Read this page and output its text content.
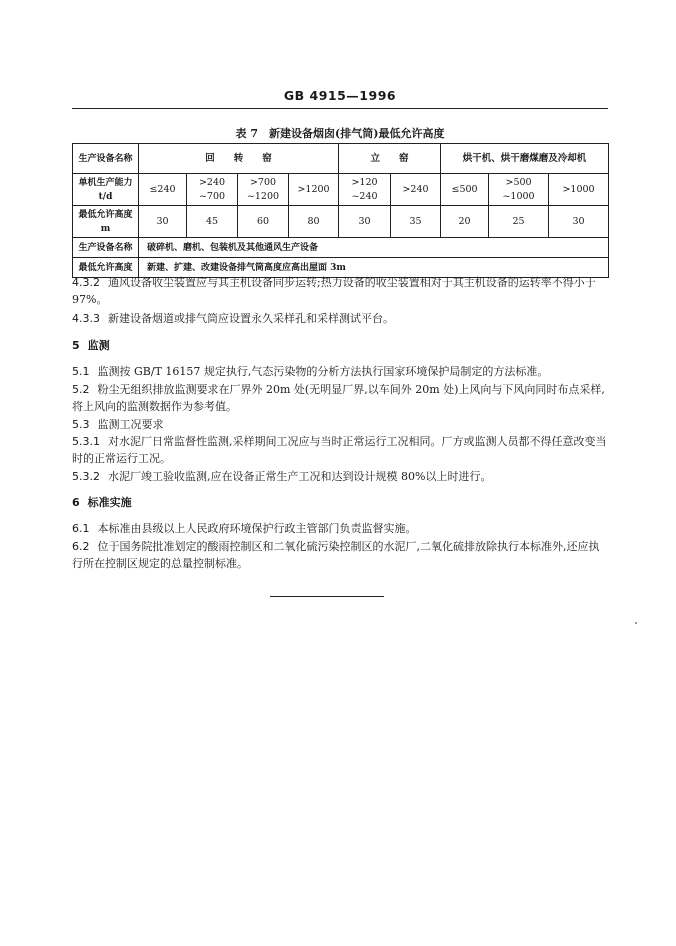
GB 4915—1996
表 7　新建设备烟囱(排气筒)最低允许高度
生产设备名称	回　　转　　窑				立　　窑		烘干机、烘干磨煤磨及冷却机		
单机生产能力t/d	≤240	>240 ~700	>700 ~1200	>1200	>120 ~240	>240	≤500	>500 ~1000	>1000
最低允许高度m	30	45	60	80	30	35	20	25	30
生产设备名称	破碎机、磨机、包装机及其他通风生产设备								
最低允许高度	新建、扩建、改建设备排气筒高度应高出屋面 3m								

4.3.2 通风设备收尘装置应与其主机设备同步运转;热力设备的收尘装置相对于其主机设备的运转率不得小于 97%。

4.3.3 新建设备烟道或排气筒应设置永久采样孔和采样测试平台。

5 监测

5.1 监测按 GB/T 16157 规定执行,气态污染物的分析方法执行国家环境保护局制定的方法标准。

5.2 粉尘无组织排放监测要求在厂界外 20m 处(无明显厂界,以车间外 20m 处)上风向与下风向同时布点采样,将上风向的监测数据作为参考值。

5.3 监测工况要求

5.3.1 对水泥厂日常监督性监测,采样期间工况应与当时正常运行工况相同。厂方或监测人员都不得任意改变当时的正常运行工况。

5.3.2 水泥厂竣工验收监测,应在设备正常生产工况和达到设计规模 80%以上时进行。

6 标准实施

6.1 本标准由县级以上人民政府环境保护行政主管部门负责监督实施。

6.2 位于国务院批准划定的酸雨控制区和二氧化硫污染控制区的水泥厂,二氧化硫排放除执行本标准外,还应执行所在控制区规定的总量控制标准。
